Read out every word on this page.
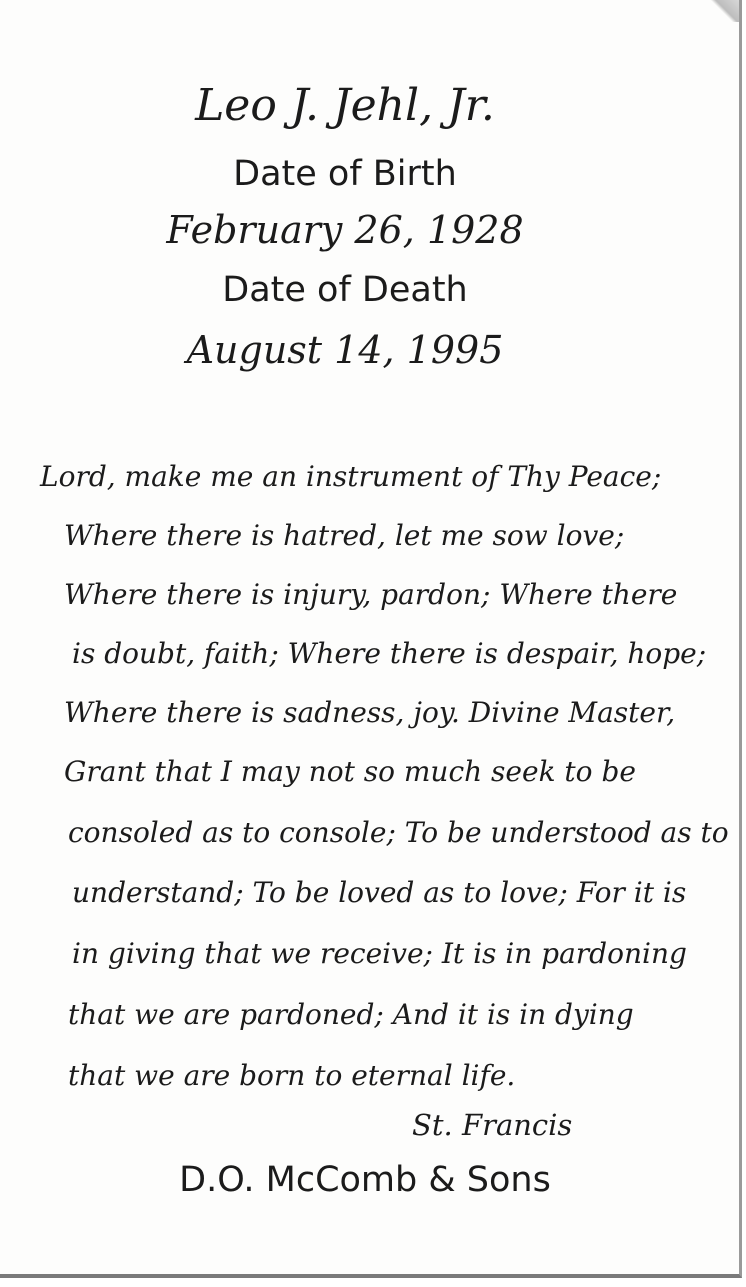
Leo J. Jehl, Jr.
Date of Birth
February 26, 1928
Date of Death
August 14, 1995
Lord, make me an instrument of Thy Peace;
Where there is hatred, let me sow love;
Where there is injury, pardon; Where there
is doubt, faith; Where there is despair, hope;
Where there is sadness, joy. Divine Master,
Grant that I may not so much seek to be
consoled as to console; To be understood as to
understand; To be loved as to love; For it is
in giving that we receive; It is in pardoning
that we are pardoned; And it is in dying
that we are born to eternal life.
St. Francis
D.O. McComb & Sons
